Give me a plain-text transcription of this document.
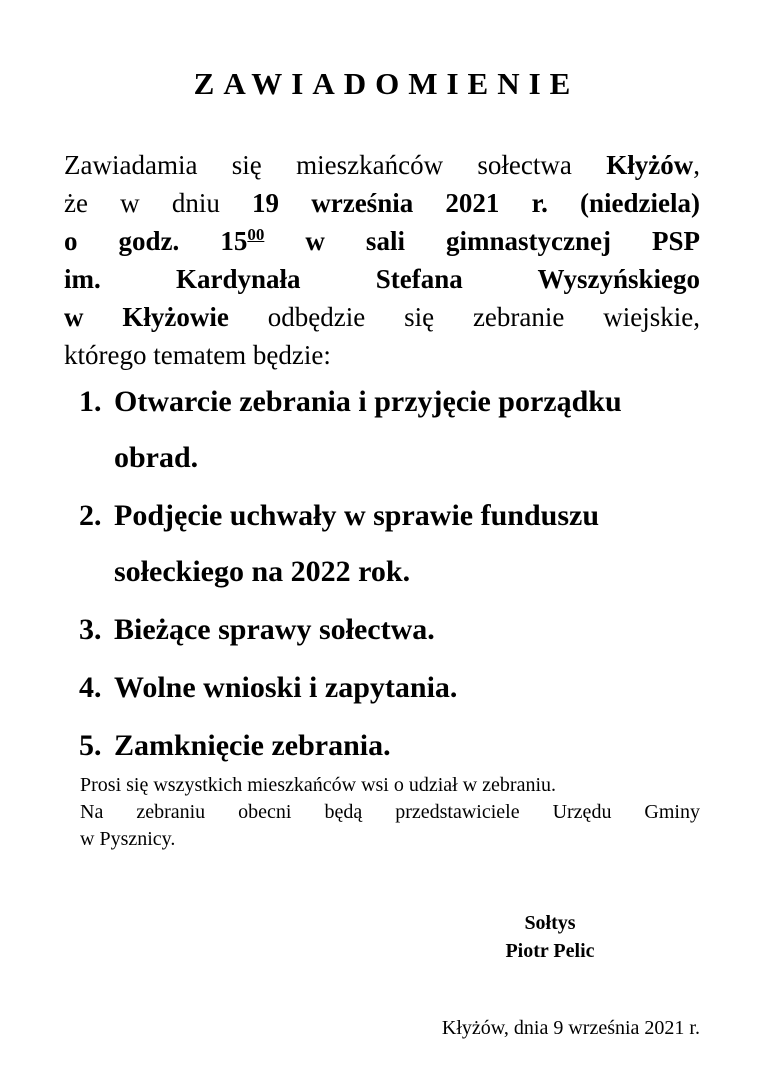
ZAWIADOMIENIE
Zawiadamia się mieszkańców sołectwa Kłyżów,
że w dniu 19 września 2021 r. (niedziela)
o godz. $15^{00}$ w sali gimnastycznej PSP
im. Kardynała Stefana Wyszyńskiego
w Kłyżowie odbędzie się zebranie wiejskie,
którego tematem będzie:
1. Otwarcie zebrania i przyjęcie porządku obrad.
2. Podjęcie uchwały w sprawie funduszu sołeckiego na 2022 rok.
3. Bieżące sprawy sołectwa.
4. Wolne wnioski i zapytania.
5. Zamknięcie zebrania.
Prosi się wszystkich mieszkańców wsi o udział w zebraniu.
Na zebraniu obecni będą przedstawiciele Urzędu Gminy
w Pysznicy.
Sołtys
Piotr Pelic
Kłyżów, dnia 9 września 2021 r.
